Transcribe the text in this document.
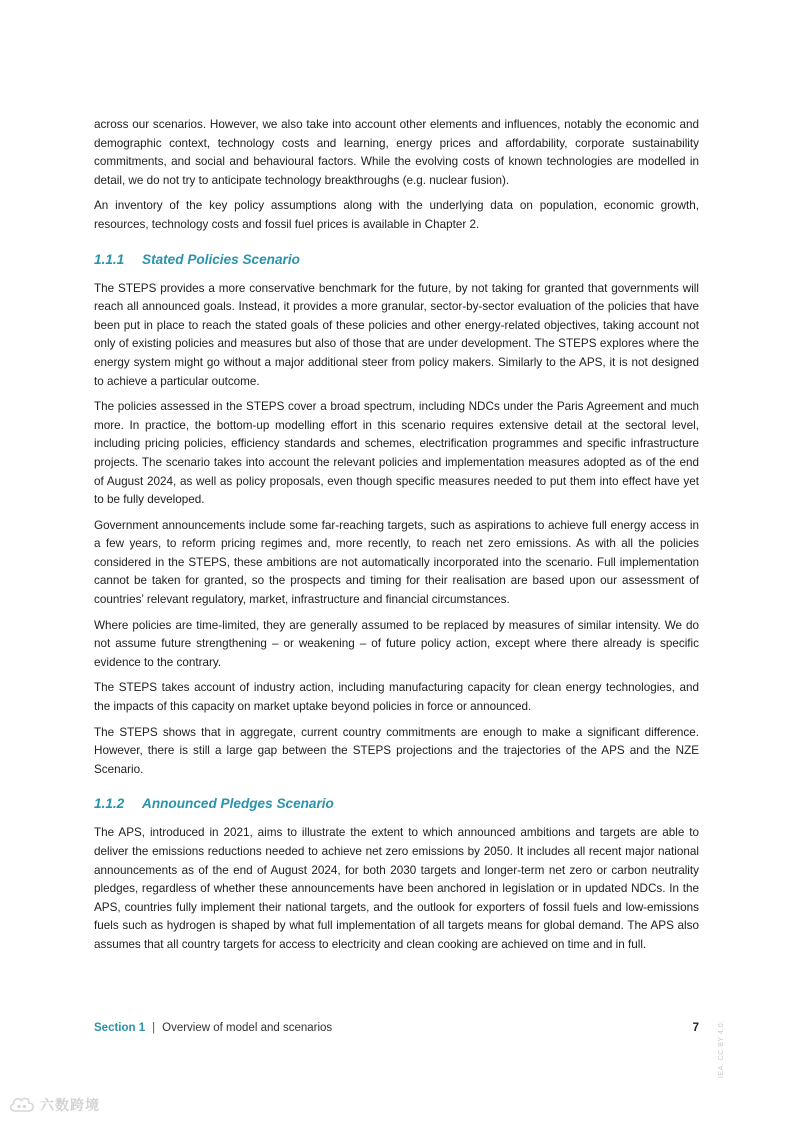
across our scenarios. However, we also take into account other elements and influences, notably the economic and demographic context, technology costs and learning, energy prices and affordability, corporate sustainability commitments, and social and behavioural factors. While the evolving costs of known technologies are modelled in detail, we do not try to anticipate technology breakthroughs (e.g. nuclear fusion).

An inventory of the key policy assumptions along with the underlying data on population, economic growth, resources, technology costs and fossil fuel prices is available in Chapter 2.

1.1.1 Stated Policies Scenario

The STEPS provides a more conservative benchmark for the future, by not taking for granted that governments will reach all announced goals. Instead, it provides a more granular, sector-by-sector evaluation of the policies that have been put in place to reach the stated goals of these policies and other energy-related objectives, taking account not only of existing policies and measures but also of those that are under development. The STEPS explores where the energy system might go without a major additional steer from policy makers. Similarly to the APS, it is not designed to achieve a particular outcome.

The policies assessed in the STEPS cover a broad spectrum, including NDCs under the Paris Agreement and much more. In practice, the bottom-up modelling effort in this scenario requires extensive detail at the sectoral level, including pricing policies, efficiency standards and schemes, electrification programmes and specific infrastructure projects. The scenario takes into account the relevant policies and implementation measures adopted as of the end of August 2024, as well as policy proposals, even though specific measures needed to put them into effect have yet to be fully developed.

Government announcements include some far-reaching targets, such as aspirations to achieve full energy access in a few years, to reform pricing regimes and, more recently, to reach net zero emissions. As with all the policies considered in the STEPS, these ambitions are not automatically incorporated into the scenario. Full implementation cannot be taken for granted, so the prospects and timing for their realisation are based upon our assessment of countries’ relevant regulatory, market, infrastructure and financial circumstances.

Where policies are time-limited, they are generally assumed to be replaced by measures of similar intensity. We do not assume future strengthening – or weakening – of future policy action, except where there already is specific evidence to the contrary.

The STEPS takes account of industry action, including manufacturing capacity for clean energy technologies, and the impacts of this capacity on market uptake beyond policies in force or announced.

The STEPS shows that in aggregate, current country commitments are enough to make a significant difference. However, there is still a large gap between the STEPS projections and the trajectories of the APS and the NZE Scenario.

1.1.2 Announced Pledges Scenario

The APS, introduced in 2021, aims to illustrate the extent to which announced ambitions and targets are able to deliver the emissions reductions needed to achieve net zero emissions by 2050. It includes all recent major national announcements as of the end of August 2024, for both 2030 targets and longer-term net zero or carbon neutrality pledges, regardless of whether these announcements have been anchored in legislation or in updated NDCs. In the APS, countries fully implement their national targets, and the outlook for exporters of fossil fuels and low-emissions fuels such as hydrogen is shaped by what full implementation of all targets means for global demand. The APS also assumes that all country targets for access to electricity and clean cooking are achieved on time and in full.

Section 1 | Overview of model and scenarios	7	IEA. CC BY 4.0.
六数跨境
